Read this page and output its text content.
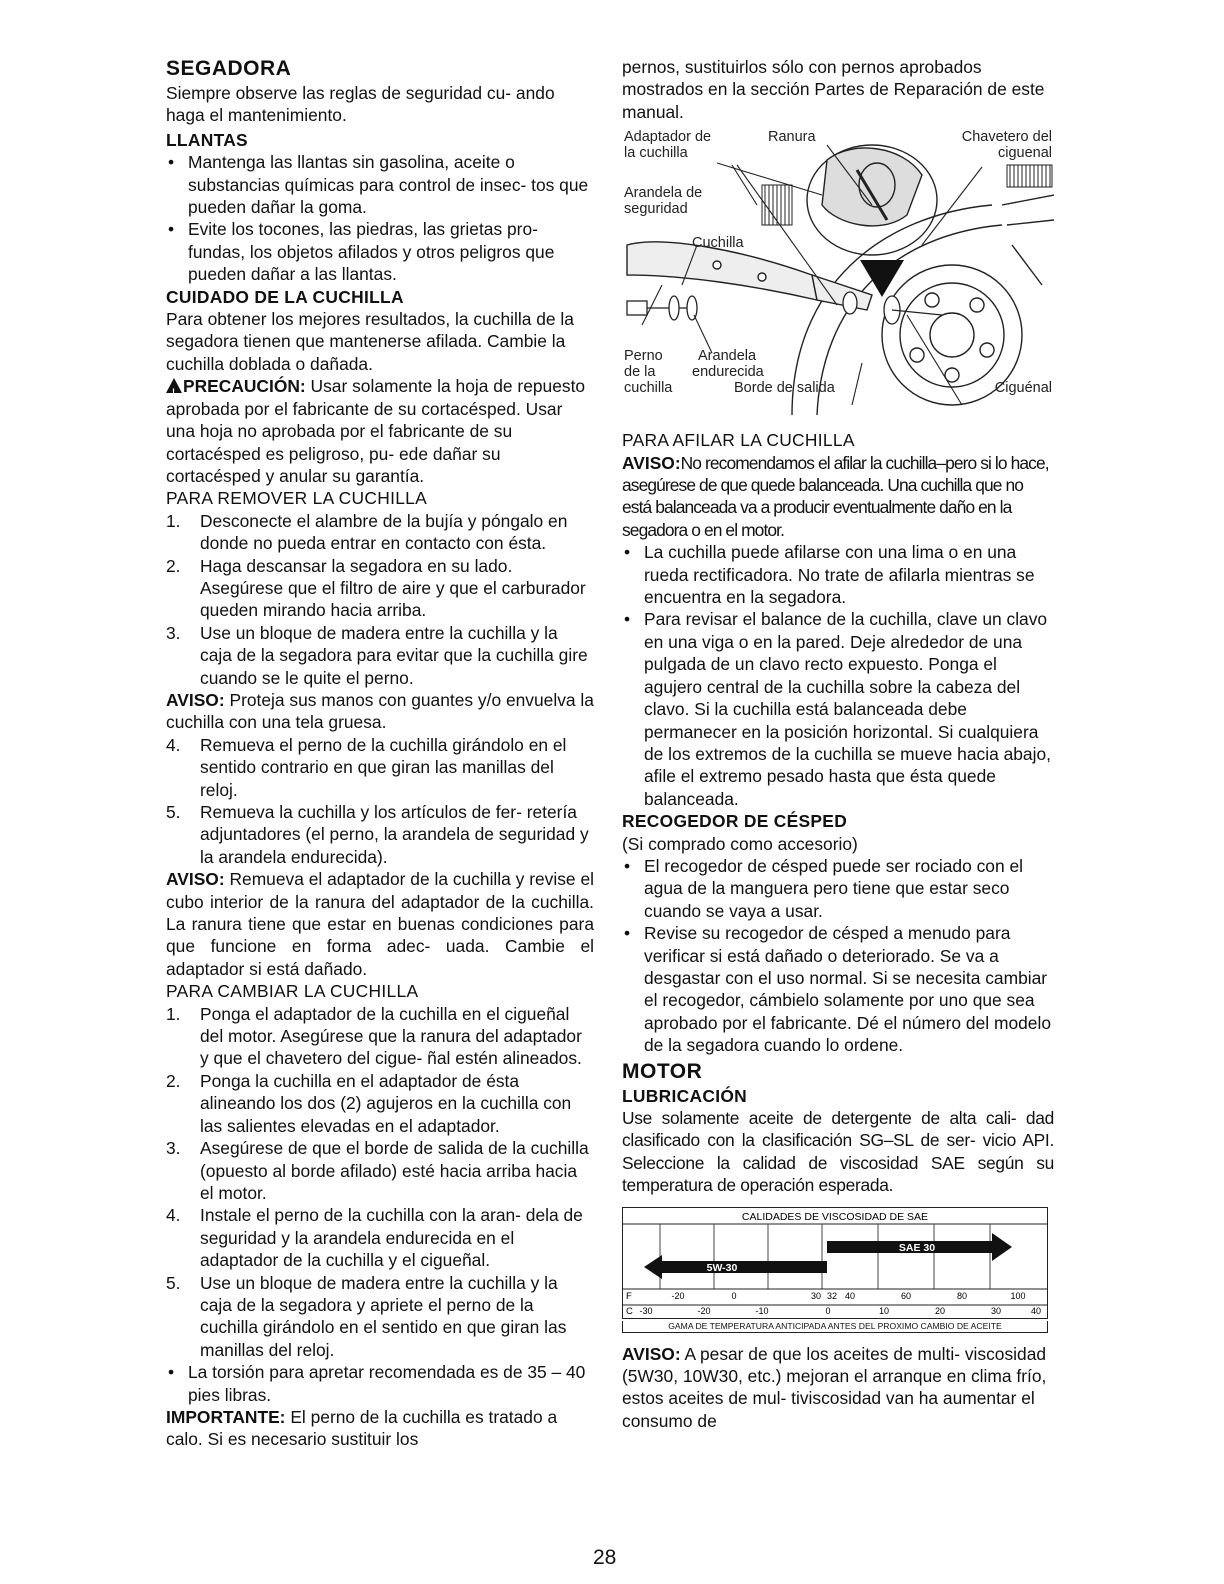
SEGADORA

Siempre observe las reglas de seguridad cu- ando haga el mantenimiento.

LLANTAS
• Mantenga las llantas sin gasolina, aceite o substancias químicas para control de insec- tos que pueden dañar la goma.
• Evite los tocones, las piedras, las grietas pro- fundas, los objetos afilados y otros peligros que pueden dañar a las llantas.
CUIDADO DE LA CUCHILLA

Para obtener los mejores resultados, la cuchilla de la segadora tienen que mantenerse afilada. Cambie la cuchilla doblada o dañada.

! PRECAUCIÓN: Usar solamente la hoja de repuesto aprobada por el fabricante de su cortacésped. Usar una hoja no aprobada por el fabricante de su cortacésped es peligroso, pu- ede dañar su cortacésped y anular su garantía.

PARA REMOVER LA CUCHILLA
1. Desconecte el alambre de la bujía y póngalo en donde no pueda entrar en contacto con ésta.
2. Haga descansar la segadora en su lado. Asegúrese que el filtro de aire y que el carburador queden mirando hacia arriba.
3. Use un bloque de madera entre la cuchilla y la caja de la segadora para evitar que la cuchilla gire cuando se le quite el perno.

AVISO: Proteja sus manos con guantes y/o envuelva la cuchilla con una tela gruesa.

4. Remueva el perno de la cuchilla girándolo en el sentido contrario en que giran las manillas del reloj.
5. Remueva la cuchilla y los artículos de fer- retería adjuntadores (el perno, la arandela de seguridad y la arandela endurecida).

AVISO: Remueva el adaptador de la cuchilla y revise el cubo interior de la ranura del adaptador de la cuchilla. La ranura tiene que estar en buenas condiciones para que funcione en forma adec- uada. Cambie el adaptador si está dañado.

PARA CAMBIAR LA CUCHILLA
1. Ponga el adaptador de la cuchilla en el cigueñal del motor. Asegúrese que la ranura del adaptador y que el chavetero del cigue- ñal estén alineados.
2. Ponga la cuchilla en el adaptador de ésta alineando los dos (2) agujeros en la cuchilla con las salientes elevadas en el adaptador.
3. Asegúrese de que el borde de salida de la cuchilla (opuesto al borde afilado) esté hacia arriba hacia el motor.
4. Instale el perno de la cuchilla con la aran- dela de seguridad y la arandela endurecida en el adaptador de la cuchilla y el cigueñal.
5. Use un bloque de madera entre la cuchilla y la caja de la segadora y apriete el perno de la cuchilla girándolo en el sentido en que giran las manillas del reloj.
• La torsión para apretar recomendada es de 35 – 40 pies libras.

IMPORTANTE: El perno de la cuchilla es tratado a calo. Si es necesario sustituir los

pernos, sustituirlos sólo con pernos aprobados mostrados en la sección Partes de Reparación de este manual.

Adaptador de
la cuchilla
Ranura	Chavetero del
ciguenal
Arandela de
seguridad
Cuchilla
Perno
de la
cuchilla
Arandela
endurecida
Borde de salida	Ciguénal
PARA AFILAR LA CUCHILLA

AVISO:No recomendamos el afilar la cuchilla–pero si lo hace, asegúrese de que quede balanceada. Una cuchilla que no está balanceada va a producir eventualmente daño en la segadora o en el motor.

• La cuchilla puede afilarse con una lima o en una rueda rectificadora. No trate de afilarla mientras se encuentra en la segadora.
• Para revisar el balance de la cuchilla, clave un clavo en una viga o en la pared. Deje alrededor de una pulgada de un clavo recto expuesto. Ponga el agujero central de la cuchilla sobre la cabeza del clavo. Si la cuchilla está balanceada debe permanecer en la posición horizontal. Si cualquiera de los extremos de la cuchilla se mueve hacia abajo, afile el extremo pesado hasta que ésta quede balanceada.
RECOGEDOR DE CÉSPED

(Si comprado como accesorio)

• El recogedor de césped puede ser rociado con el agua de la manguera pero tiene que estar seco cuando se vaya a usar.
• Revise su recogedor de césped a menudo para verificar si está dañado o deteriorado. Se va a desgastar con el uso normal. Si se necesita cambiar el recogedor, cámbielo solamente por uno que sea aprobado por el fabricante. Dé el número del modelo de la segadora cuando lo ordene.
MOTOR
LUBRICACIÓN

Use solamente aceite de detergente de alta cali- dad clasificado con la clasificación SG–SL de ser- vicio API. Seleccione la calidad de viscosidad SAE según su temperatura de operación esperada.

CALIDADES DE VISCOSIDAD DE SAE
SAE 30
5W-30
F	-20	0	30 32 40	60	80	100
C -30	-20	-10	0	10	20	30	40
GAMA DE TEMPERATURA ANTICIPADA ANTES DEL PROXIMO CAMBIO DE ACEITE

AVISO: A pesar de que los aceites de multi- viscosidad (5W30, 10W30, etc.) mejoran el arranque en clima frío, estos aceites de mul- tiviscosidad van ha aumentar el consumo de

28
